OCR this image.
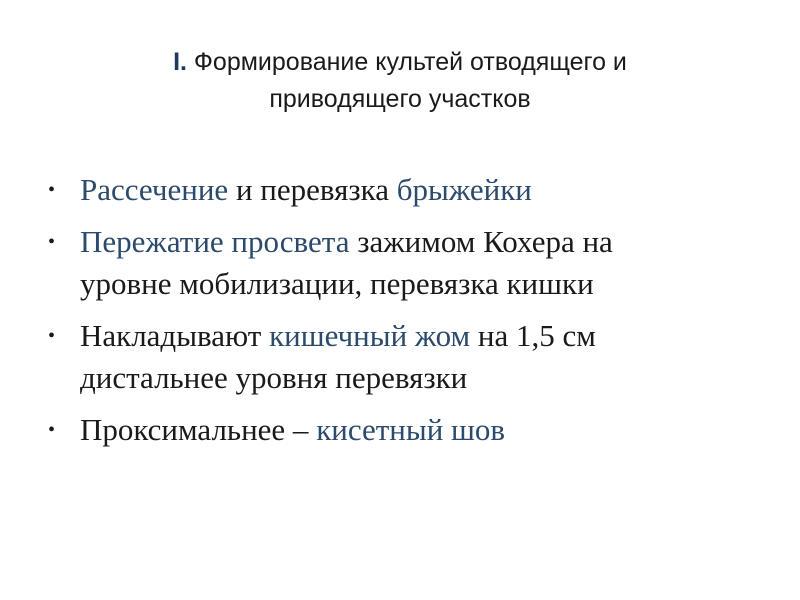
I. Формирование культей отводящего и
приводящего участков
• Рассечение и перевязка брыжейки
• Пережатие просвета зажимом Кохера на
уровне мобилизации, перевязка кишки
• Накладывают кишечный жом на 1,5 см
дистальнее уровня перевязки
• Проксимальнее – кисетный шов
